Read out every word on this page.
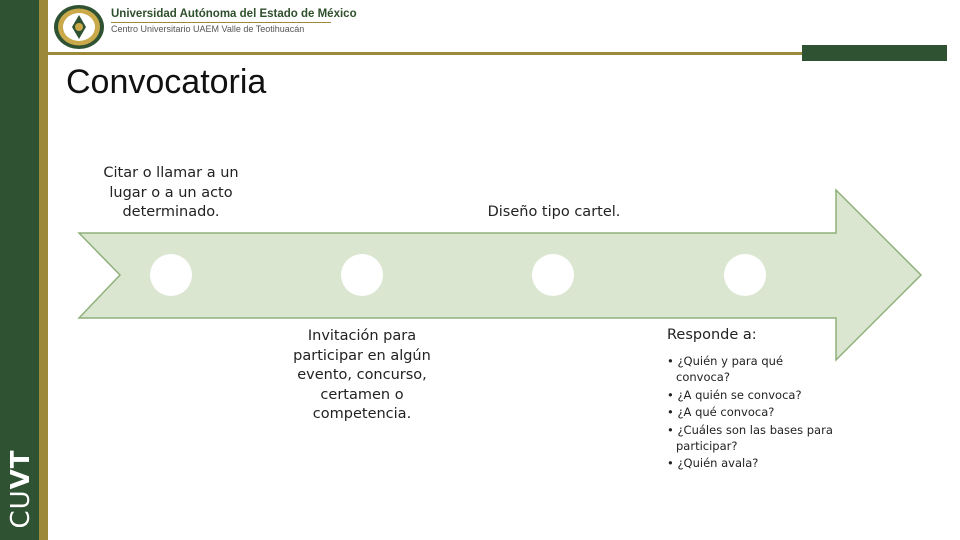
CUVT
Universidad Autónoma del Estado de México
Centro Universitario UAEM Valle de Teotihuacán
Convocatoria
Citar o llamar a un lugar o a un acto determinado.
Invitación para participar en algún evento, concurso, certamen o competencia.
Diseño tipo cartel.
Responde a:
• ¿Quién y para qué convoca?
• ¿A quién se convoca?
• ¿A qué convoca?
• ¿Cuáles son las bases para participar?
• ¿Quién avala?
